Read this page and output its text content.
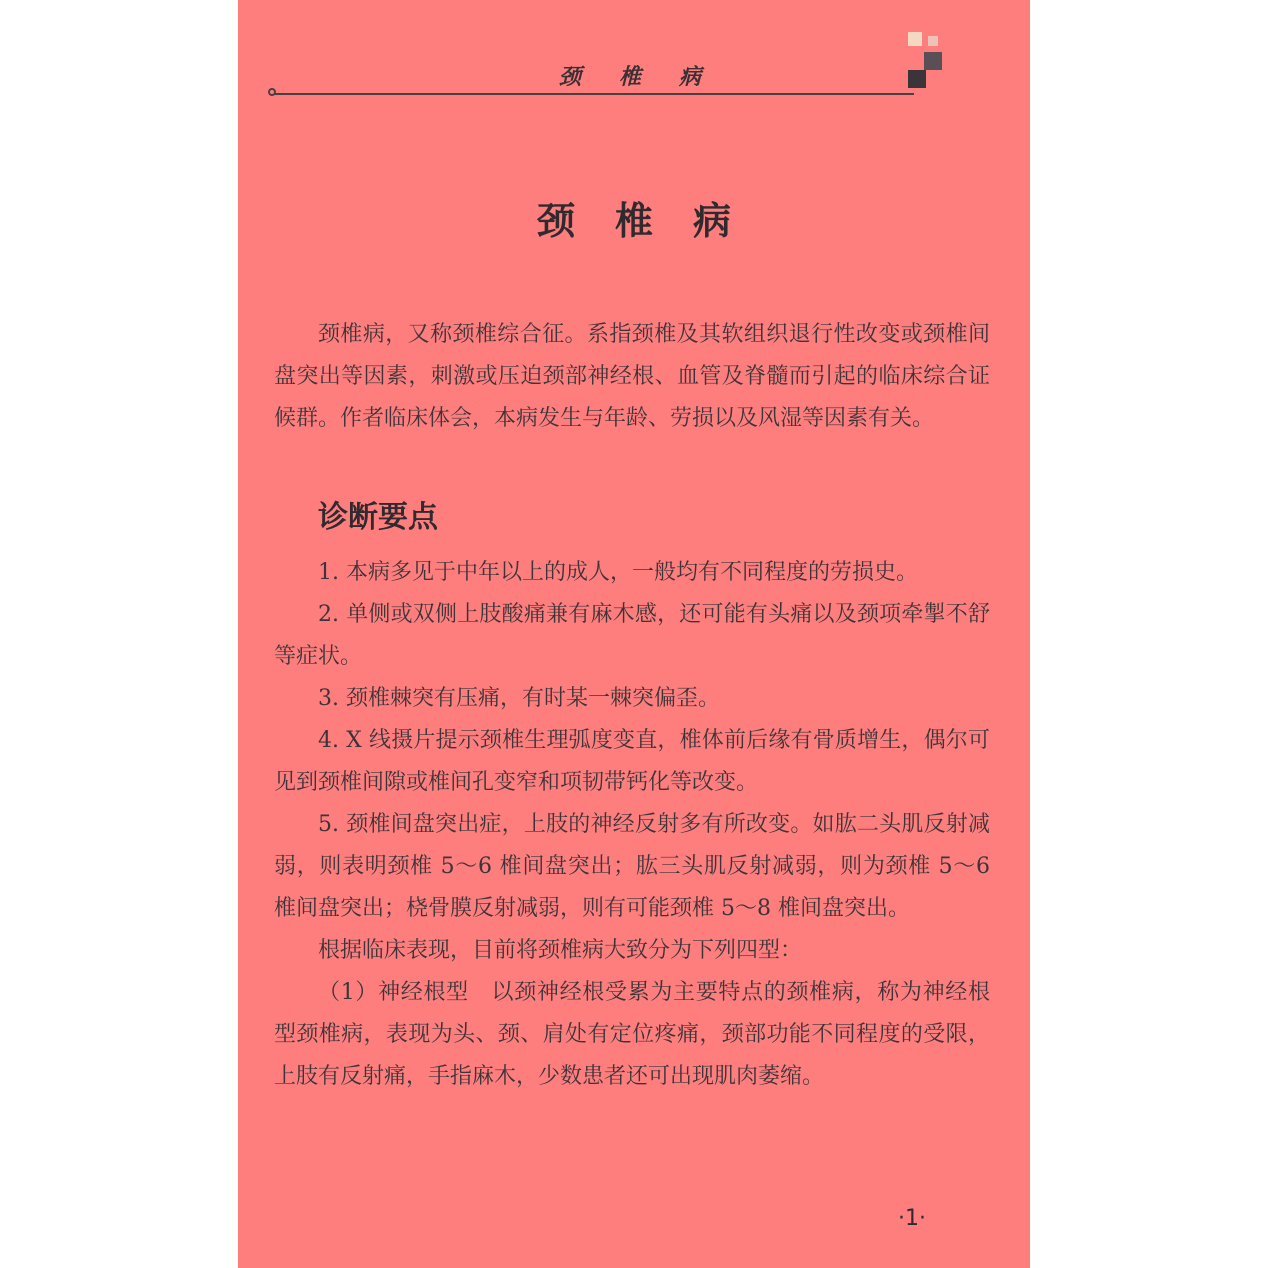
颈椎病
颈椎病

颈椎病，又称颈椎综合征。系指颈椎及其软组织退行性改变或颈椎间盘突出等因素，刺激或压迫颈部神经根、血管及脊髓而引起的临床综合证候群。作者临床体会，本病发生与年龄、劳损以及风湿等因素有关。

诊断要点

1. 本病多见于中年以上的成人，一般均有不同程度的劳损史。

2. 单侧或双侧上肢酸痛兼有麻木感，还可能有头痛以及颈项牵掣不舒等症状。

3. 颈椎棘突有压痛，有时某一棘突偏歪。

4. X 线摄片提示颈椎生理弧度变直，椎体前后缘有骨质增生，偶尔可见到颈椎间隙或椎间孔变窄和项韧带钙化等改变。

5. 颈椎间盘突出症，上肢的神经反射多有所改变。如肱二头肌反射减弱，则表明颈椎 5～6 椎间盘突出；肱三头肌反射减弱，则为颈椎 5～6 椎间盘突出；桡骨膜反射减弱，则有可能颈椎 5～8 椎间盘突出。

根据临床表现，目前将颈椎病大致分为下列四型：

（1）神经根型　以颈神经根受累为主要特点的颈椎病，称为神经根型颈椎病，表现为头、颈、肩处有定位疼痛，颈部功能不同程度的受限，上肢有反射痛，手指麻木，少数患者还可出现肌肉萎缩。

·1·
